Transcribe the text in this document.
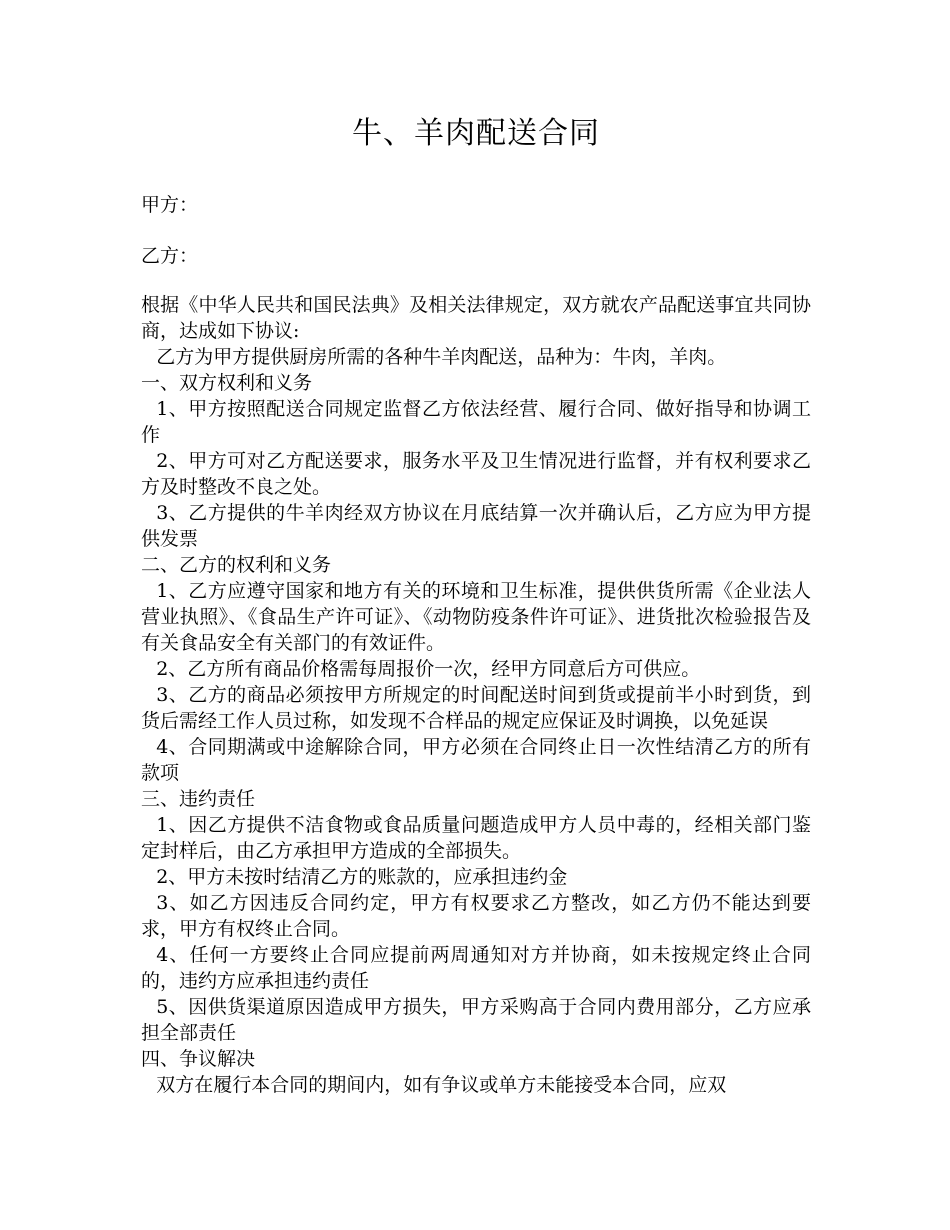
牛、羊肉配送合同

甲方：

乙方：

根据《中华人民共和国民法典》及相关法律规定，双方就农产品配送事宜共同协商，达成如下协议:

乙方为甲方提供厨房所需的各种牛羊肉配送，品种为：牛肉，羊肉。

一、双方权利和义务

1、甲方按照配送合同规定监督乙方依法经营、履行合同、做好指导和协调工作

2、甲方可对乙方配送要求，服务水平及卫生情况进行监督，并有权利要求乙方及时整改不良之处。

3、乙方提供的牛羊肉经双方协议在月底结算一次并确认后，乙方应为甲方提供发票

二、乙方的权利和义务

1、乙方应遵守国家和地方有关的环境和卫生标准，提供供货所需《企业法人营业执照》、《食品生产许可证》、《动物防疫条件许可证》、进货批次检验报告及有关食品安全有关部门的有效证件。

2、乙方所有商品价格需每周报价一次，经甲方同意后方可供应。

3、乙方的商品必须按甲方所规定的时间配送时间到货或提前半小时到货，到货后需经工作人员过称，如发现不合样品的规定应保证及时调换，以免延误

4、合同期满或中途解除合同，甲方必须在合同终止日一次性结清乙方的所有款项

三、违约责任

1、因乙方提供不洁食物或食品质量问题造成甲方人员中毒的，经相关部门鉴定封样后，由乙方承担甲方造成的全部损失。

2、甲方未按时结清乙方的账款的，应承担违约金

3、如乙方因违反合同约定，甲方有权要求乙方整改，如乙方仍不能达到要求，甲方有权终止合同。

4、任何一方要终止合同应提前两周通知对方并协商，如未按规定终止合同的，违约方应承担违约责任

5、因供货渠道原因造成甲方损失，甲方采购高于合同内费用部分，乙方应承担全部责任

四、争议解决

双方在履行本合同的期间内，如有争议或单方未能接受本合同，应双
